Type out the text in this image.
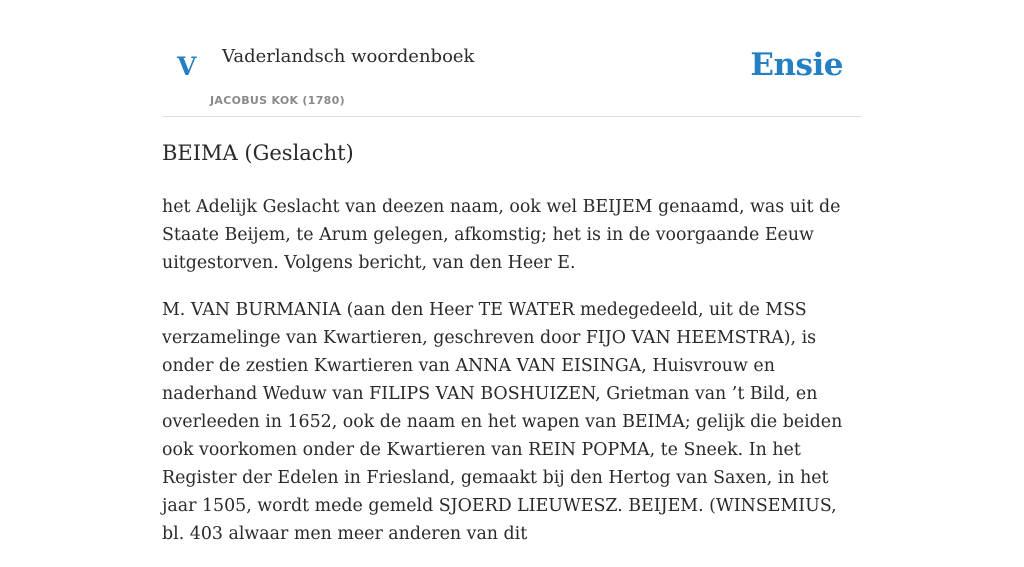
V Vaderlandsch woordenboek
JACOBUS KOK (1780)
Ensie
BEIMA (Geslacht)

het Adelijk Geslacht van deezen naam, ook wel BEIJEM genaamd, was uit de Staate Beijem, te Arum gelegen, afkomstig; het is in de voorgaande Eeuw uitgestorven. Volgens bericht, van den Heer E.

M. VAN BURMANIA (aan den Heer TE WATER medegedeeld, uit de MSS verzamelinge van Kwartieren, geschreven door FIJO VAN HEEMSTRA), is onder de zestien Kwartieren van ANNA VAN EISINGA, Huisvrouw en naderhand Weduw van FILIPS VAN BOSHUIZEN, Grietman van ’t Bild, en overleeden in 1652, ook de naam en het wapen van BEIMA; gelijk die beiden ook voorkomen onder de Kwartieren van REIN POPMA, te Sneek. In het Register der Edelen in Friesland, gemaakt bij den Hertog van Saxen, in het jaar 1505, wordt mede gemeld SJOERD LIEUWESZ. BEIJEM. (WINSEMIUS, bl. 403 alwaar men meer anderen van dit
